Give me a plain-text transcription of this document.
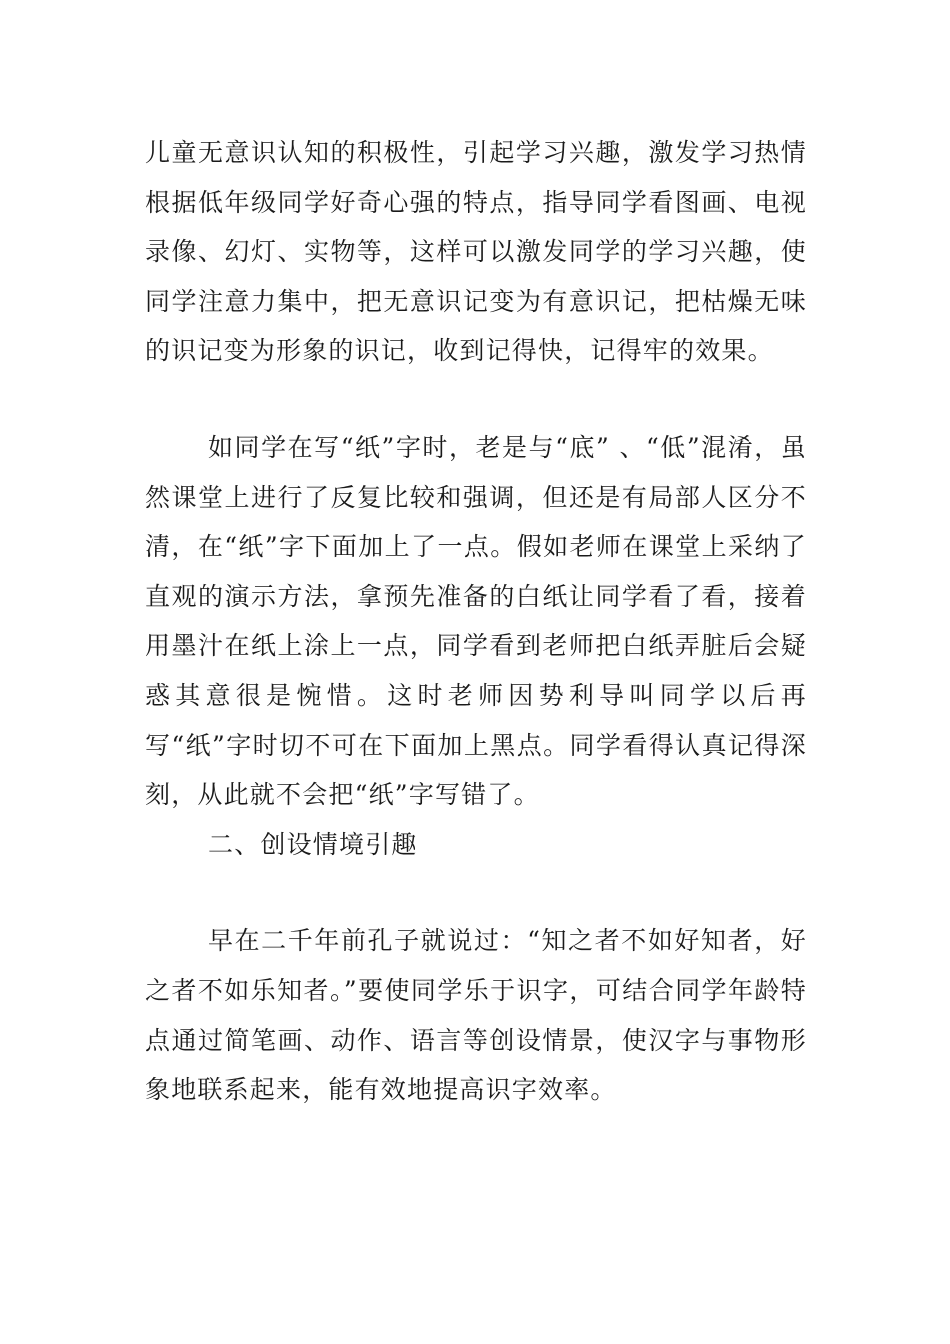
儿童无意识认知的积极性，引起学习兴趣，激发学习热情根据低年级同学好奇心强的特点，指导同学看图画、电视录像、幻灯、实物等，这样可以激发同学的学习兴趣，使同学注意力集中，把无意识记变为有意识记，把枯燥无味的识记变为形象的识记，收到记得快，记得牢的效果。

如同学在写“纸”字时，老是与“底” 、“低”混淆，虽然课堂上进行了反复比较和强调，但还是有局部人区分不清，在“纸”字下面加上了一点。假如老师在课堂上采纳了直观的演示方法，拿预先准备的白纸让同学看了看，接着用墨汁在纸上涂上一点，同学看到老师把白纸弄脏后会疑惑其意很是惋惜。这时老师因势利导叫同学以后再写“纸”字时切不可在下面加上黑点。同学看得认真记得深刻，从此就不会把“纸”字写错了。

二、创设情境引趣

早在二千年前孔子就说过：“知之者不如好知者，好之者不如乐知者。”要使同学乐于识字，可结合同学年龄特点通过简笔画、动作、语言等创设情景，使汉字与事物形象地联系起来，能有效地提高识字效率。
